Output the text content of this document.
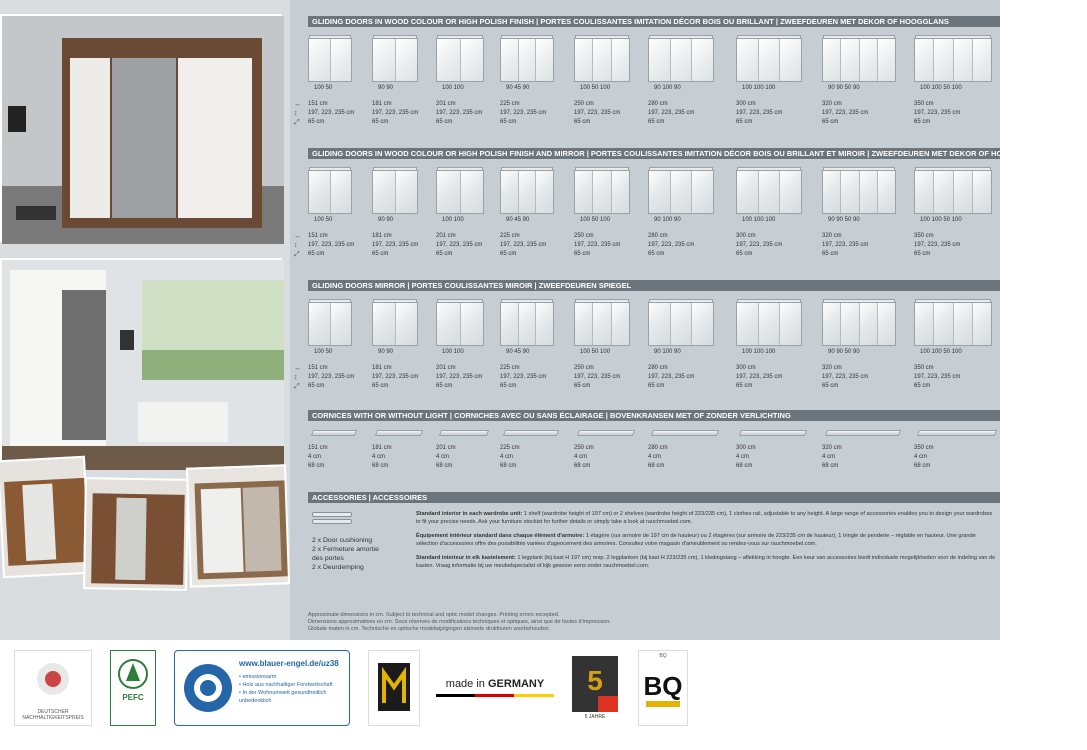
GLIDING DOORS IN WOOD COLOUR OR HIGH POLISH FINISH | PORTES COULISSANTES IMITATION DÉCOR BOIS OU BRILLANT | ZWEEFDEUREN MET DEKOR OF HOOGGLANS
100 50
151 cm
197, 223, 235 cm
65 cm
90 90
181 cm
197, 223, 235 cm
65 cm
100 100
201 cm
197, 223, 235 cm
65 cm
90 45 90
225 cm
197, 223, 235 cm
65 cm
100 50 100
250 cm
197, 223, 235 cm
65 cm
90 100 90
280 cm
197, 223, 235 cm
65 cm
100 100 100
300 cm
197, 223, 235 cm
65 cm
90 90 50 90
320 cm
197, 223, 235 cm
65 cm
100 100 50 100
350 cm
197, 223, 235 cm
65 cm
↔
↕
⤢
GLIDING DOORS IN WOOD COLOUR OR HIGH POLISH FINISH AND MIRROR | PORTES COULISSANTES IMITATION DÉCOR BOIS OU BRILLANT ET MIROIR | ZWEEFDEUREN MET DEKOR OF HOOGGLANS EN SPIEGEL
100 50
151 cm
197, 223, 235 cm
65 cm
90 90
181 cm
197, 223, 235 cm
65 cm
100 100
201 cm
197, 223, 235 cm
65 cm
90 45 90
225 cm
197, 223, 235 cm
65 cm
100 50 100
250 cm
197, 223, 235 cm
65 cm
90 100 90
280 cm
197, 223, 235 cm
65 cm
100 100 100
300 cm
197, 223, 235 cm
65 cm
90 90 50 90
320 cm
197, 223, 235 cm
65 cm
100 100 50 100
350 cm
197, 223, 235 cm
65 cm
↔
↕
⤢
GLIDING DOORS MIRROR | PORTES COULISSANTES MIROIR | ZWEEFDEUREN SPIEGEL
100 50
151 cm
197, 223, 235 cm
65 cm
90 90
181 cm
197, 223, 235 cm
65 cm
100 100
201 cm
197, 223, 235 cm
65 cm
90 45 90
225 cm
197, 223, 235 cm
65 cm
100 50 100
250 cm
197, 223, 235 cm
65 cm
90 100 90
280 cm
197, 223, 235 cm
65 cm
100 100 100
300 cm
197, 223, 235 cm
65 cm
90 90 50 90
320 cm
197, 223, 235 cm
65 cm
100 100 50 100
350 cm
197, 223, 235 cm
65 cm
↔
↕
⤢
CORNICES WITH OR WITHOUT LIGHT | CORNICHES AVEC OU SANS ÉCLAIRAGE | BOVENKRANSEN MET OF ZONDER VERLICHTING
151 cm
4 cm
68 cm
181 cm
4 cm
68 cm
201 cm
4 cm
68 cm
225 cm
4 cm
68 cm
250 cm
4 cm
68 cm
280 cm
4 cm
68 cm
300 cm
4 cm
68 cm
320 cm
4 cm
68 cm
350 cm
4 cm
68 cm
ACCESSORIES | ACCESSOIRES
2 x Door cushioning
2 x Fermeture amortie
des portes
2 x Deurdemping
Standard interior in each wardrobe unit: 1 shelf (wardrobe height of 197 cm) or 2 shelves (wardrobe height of 223/235 cm), 1 clothes rail, adjustable to any height. A large range of accessories enables you to design your wardrobes to fit your precise needs. Ask your furniture stockist for further details or simply take a look at rauchmoebel.com.
Équipement intérieur standard dans chaque élément d'armoire: 1 étagère (sur armoire de 197 cm de hauteur) ou 2 étagères (sur armoire de 223/235 cm de hauteur), 1 tringle de penderie – réglable en hauteur. Une grande sélection d'accessoires offre des possibilités variées d'agencement des armoires. Consultez votre magasin d'ameublement ou rendez-vous sur rauchmoebel.com.
Standard interieur in elk kastelement: 1 legplank (bij kast H 197 cm) resp. 2 legplanken (bij kast H 223/235 cm), 1 kledingstang – aflekking in hoogte. Een keur van accessoires biedt individuele mogelijkheden voor de indeling van de kasten. Vraag informatie bij uw meubelspecialist of kijk gewoon eens onder rauchmoebel.com.
Approximate dimensions in cm. Subject to technical and optic model changes. Printing errors excepted.
Dimensions approximatives en cm. Sous réserves de modifications techniques et optiques, ainsi que de fautes d'impression.
Globale maten in cm. Technische en optische modelwijzigingen alsmede drukfouten voorbehouden.
DEUTSCHER NACHHALTIGKEITSPREIS
PEFC
www.blauer-engel.de/uz38
• emissionsarm
• Holz aus nachhaltiger Forstwirtschaft
• In der Wohnumwelt gesundheitlich unbedenklich
made in GERMANY	5
5 JAHRE
BQ
BQ
